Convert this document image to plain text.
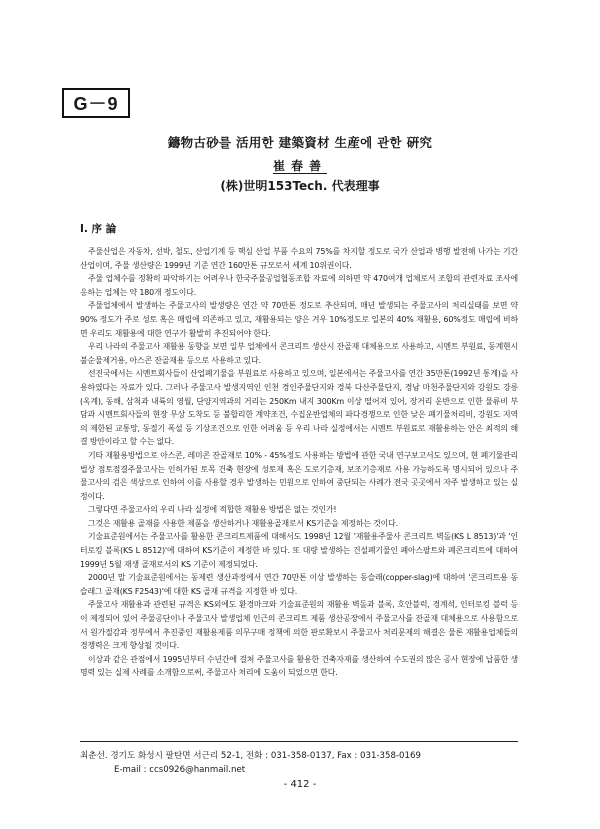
G－9
鑄物古砂를 活用한 建築資材 生産에 관한 硏究
崔春善
(株)世明153Tech. 代表理事
Ⅰ. 序 論

주물산업은 자동차, 선박, 철도, 산업기계 등 핵심 산업 부품 수요의 75%를 차지할 정도로 국가 산업과 병행 발전해 나가는 기간산업이며, 주물 생산량은 1999년 기준 연간 160만톤 규모로서 세계 10위권이다.

주물 업체수를 정확히 파악하기는 어려우나 한국주물공업협동조합 자료에 의하면 약 470여개 업체로서 조합의 관련자료 조사에 응하는 업체는 약 180개 정도이다.

주물업체에서 발생하는 주물고사의 발생량은 연간 약 70만톤 정도로 추산되며, 매년 발생되는 주물고사의 처리실태를 보면 약 90% 정도가 주로 성토 혹은 매립에 의존하고 있고, 재활용되는 양은 겨우 10%정도로 일본의 40% 재활용, 60%정도 매립에 비하면 우리도 재활용에 대한 연구가 활발히 추진되어야 한다.

우리 나라의 주물고사 재활용 동향을 보면 일부 업체에서 콘크리트 생산시 잔골재 대체용으로 사용하고, 시멘트 부원료, 동계현시 불순물제거용, 아스콘 잔골재용 등으로 사용하고 있다.

선진국에서는 시멘트회사들이 산업폐기물을 부원료로 사용하고 있으며, 일본에서는 주물고사를 연간 35만톤(1992년 통계)을 사용하였다는 자료가 있다. 그러나 주물고사 발생지역인 인천 경인주물단지와 경북 다산주물단지, 경남 마천주물단지와 강원도 강릉(옥계), 동해, 삼척과 내륙의 영월, 단양지역과의 거리는 250Km 내지 300Km 이상 떨어져 있어, 장거리 운반으로 인한 물류비 부담과 시멘트회사들의 현장 무상 도착도 등 불합리한 계약조건, 수집운반업체의 파다경쟁으로 인한 낮은 폐기물처리비, 강원도 지역의 제한된 교통망, 동절기 폭설 등 기상조건으로 인한 어려움 등 우리 나라 실정에서는 시멘트 부원료로 재활용하는 안은 최적의 해결 방안이라고 할 수는 없다.

기타 재활용방법으로 아스콘, 레미콘 잔골재로 10% - 45%정도 사용하는 방법에 관한 국내 연구보고서도 있으며, 현 폐기물관리법상 점토점결주물고사는 인허가된 토목 건축 현장에 성토재 혹은 도로기층재, 보조기층재로 사용 가능하도록 명시되어 있으나 주물고사의 검은 색상으로 인하여 이를 사용할 경우 발생하는 민원으로 인하여 중단되는 사례가 전국 곳곳에서 자주 발생하고 있는 실정이다.

그렇다면 주물고사의 우리 나라 실정에 적합한 재활용 방법은 없는 것인가!

그것은 재활용 골재를 사용한 제품을 생산하거나 재활용골재로서 KS기준을 제정하는 것이다.

기술표준원에서는 주물고사를 활용한 콘크리트제품에 대해서도 1998년 12월 '재활용주물사 콘크리트 벽돌(KS L 8513)'과 '인터로킹 블록(KS L 8512)'에 대하여 KS기준이 제정한 바 있다. 또 대량 발생하는 건설폐기물인 폐아스팔트와 폐콘크리트에 대하여 1999년 5월 재생 골재로서의 KS 기준이 제정되었다.

2000년 말 기술표준원에서는 동제련 생산과정에서 연간 70만톤 이상 발생하는 동슬래(copper-slag)에 대하여 '콘크리트용 동슬래그 골재(KS F2543)'에 대한 KS 골재 규격을 지정한 바 있다.

주물고사 재활용과 관련된 규격은 KS외에도 환경마크와 기술표준원의 재활용 벽돌과 블록, 호안블럭, 경계석, 인터로킹 블럭 등이 제정되어 있어 주물공단이나 주물고사 발생업체 인근의 콘크리트 제품 생산공장에서 주물고사를 잔골재 대체용으로 사용함으로서 원가절감과 정부에서 추진중인 재활용제품 의무구매 정책에 의한 판로확보시 주물고사 처리문제의 해결은 물론 재활용업체들의 경쟁력은 크게 향상될 것이다.

이상과 같은 관점에서 1995년부터 수년간에 걸쳐 주물고사를 활용한 건축자재를 생산하여 수도권의 많은 공사 현장에 납품한 생명력 있는 실제 사례를 소개함으로써, 주물고사 처리에 도움이 되었으면 한다.

최춘선. 경기도 화성시 팔탄면 서근리 52-1, 전화 : 031-358-0137, Fax : 031-358-0169
E-mail : ccs0926@hanmail.net
- 412 -
